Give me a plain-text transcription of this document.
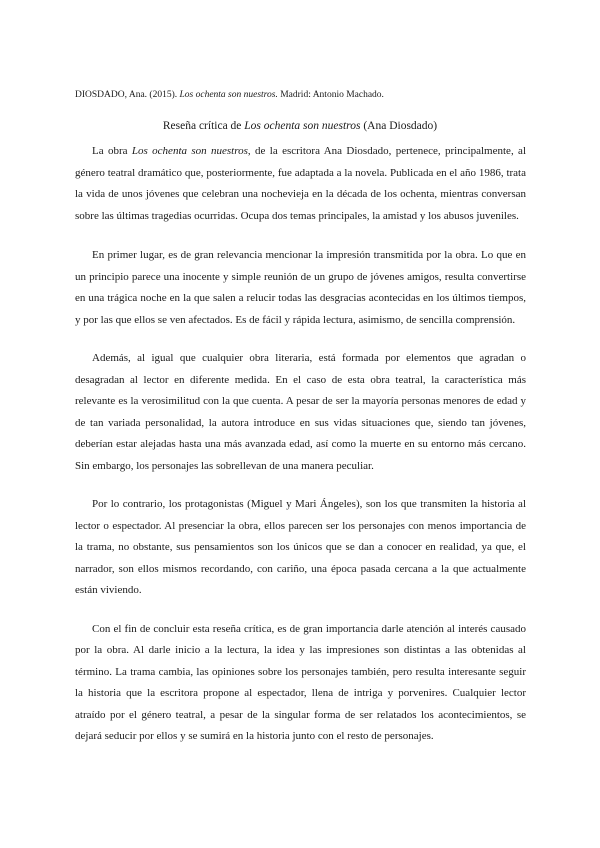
DIOSDADO, Ana. (2015). Los ochenta son nuestros. Madrid: Antonio Machado.
Reseña crítica de Los ochenta son nuestros (Ana Diosdado)

La obra Los ochenta son nuestros, de la escritora Ana Diosdado, pertenece, principalmente, al género teatral dramático que, posteriormente, fue adaptada a la novela. Publicada en el año 1986, trata la vida de unos jóvenes que celebran una nochevieja en la década de los ochenta, mientras conversan sobre las últimas tragedias ocurridas. Ocupa dos temas principales, la amistad y los abusos juveniles.

En primer lugar, es de gran relevancia mencionar la impresión transmitida por la obra. Lo que en un principio parece una inocente y simple reunión de un grupo de jóvenes amigos, resulta convertirse en una trágica noche en la que salen a relucir todas las desgracias acontecidas en los últimos tiempos, y por las que ellos se ven afectados. Es de fácil y rápida lectura, asimismo, de sencilla comprensión.

Además, al igual que cualquier obra literaria, está formada por elementos que agradan o desagradan al lector en diferente medida. En el caso de esta obra teatral, la característica más relevante es la verosimilitud con la que cuenta. A pesar de ser la mayoría personas menores de edad y de tan variada personalidad, la autora introduce en sus vidas situaciones que, siendo tan jóvenes, deberían estar alejadas hasta una más avanzada edad, así como la muerte en su entorno más cercano. Sin embargo, los personajes las sobrellevan de una manera peculiar.

Por lo contrario, los protagonistas (Miguel y Mari Ángeles), son los que transmiten la historia al lector o espectador. Al presenciar la obra, ellos parecen ser los personajes con menos importancia de la trama, no obstante, sus pensamientos son los únicos que se dan a conocer en realidad, ya que, el narrador, son ellos mismos recordando, con cariño, una época pasada cercana a la que actualmente están viviendo.

Con el fin de concluir esta reseña crítica, es de gran importancia darle atención al interés causado por la obra. Al darle inicio a la lectura, la idea y las impresiones son distintas a las obtenidas al término. La trama cambia, las opiniones sobre los personajes también, pero resulta interesante seguir la historia que la escritora propone al espectador, llena de intriga y porvenires. Cualquier lector atraído por el género teatral, a pesar de la singular forma de ser relatados los acontecimientos, se dejará seducir por ellos y se sumirá en la historia junto con el resto de personajes.
